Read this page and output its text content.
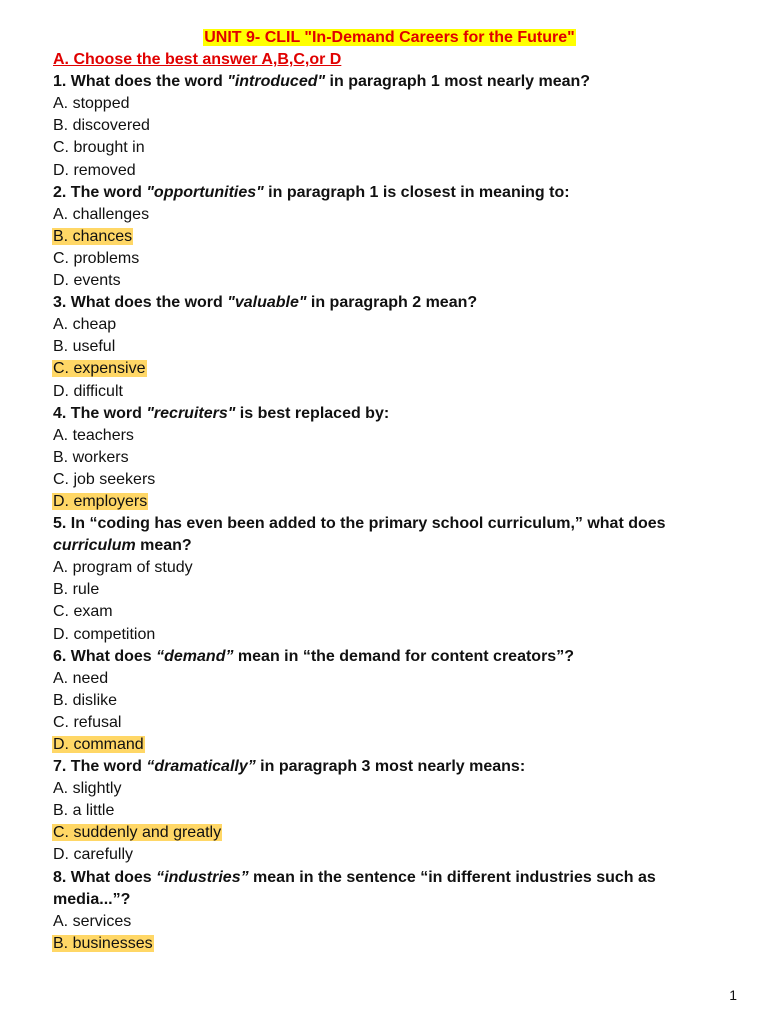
UNIT 9- CLIL "In-Demand Careers for the Future"
A. Choose the best answer A,B,C,or D
1. What does the word "introduced" in paragraph 1 most nearly mean?
A. stopped
B. discovered
C. brought in
D. removed
2. The word "opportunities" in paragraph 1 is closest in meaning to:
A. challenges
B. chances
C. problems
D. events
3. What does the word "valuable" in paragraph 2 mean?
A. cheap
B. useful
C. expensive
D. difficult
4. The word "recruiters" is best replaced by:
A. teachers
B. workers
C. job seekers
D. employers
5. In “coding has even been added to the primary school curriculum,” what does curriculum mean?
A. program of study
B. rule
C. exam
D. competition
6. What does “demand” mean in “the demand for content creators”?
A. need
B. dislike
C. refusal
D. command
7. The word “dramatically” in paragraph 3 most nearly means:
A. slightly
B. a little
C. suddenly and greatly
D. carefully
8. What does “industries” mean in the sentence “in different industries such as media...”?
A. services
B. businesses
1
